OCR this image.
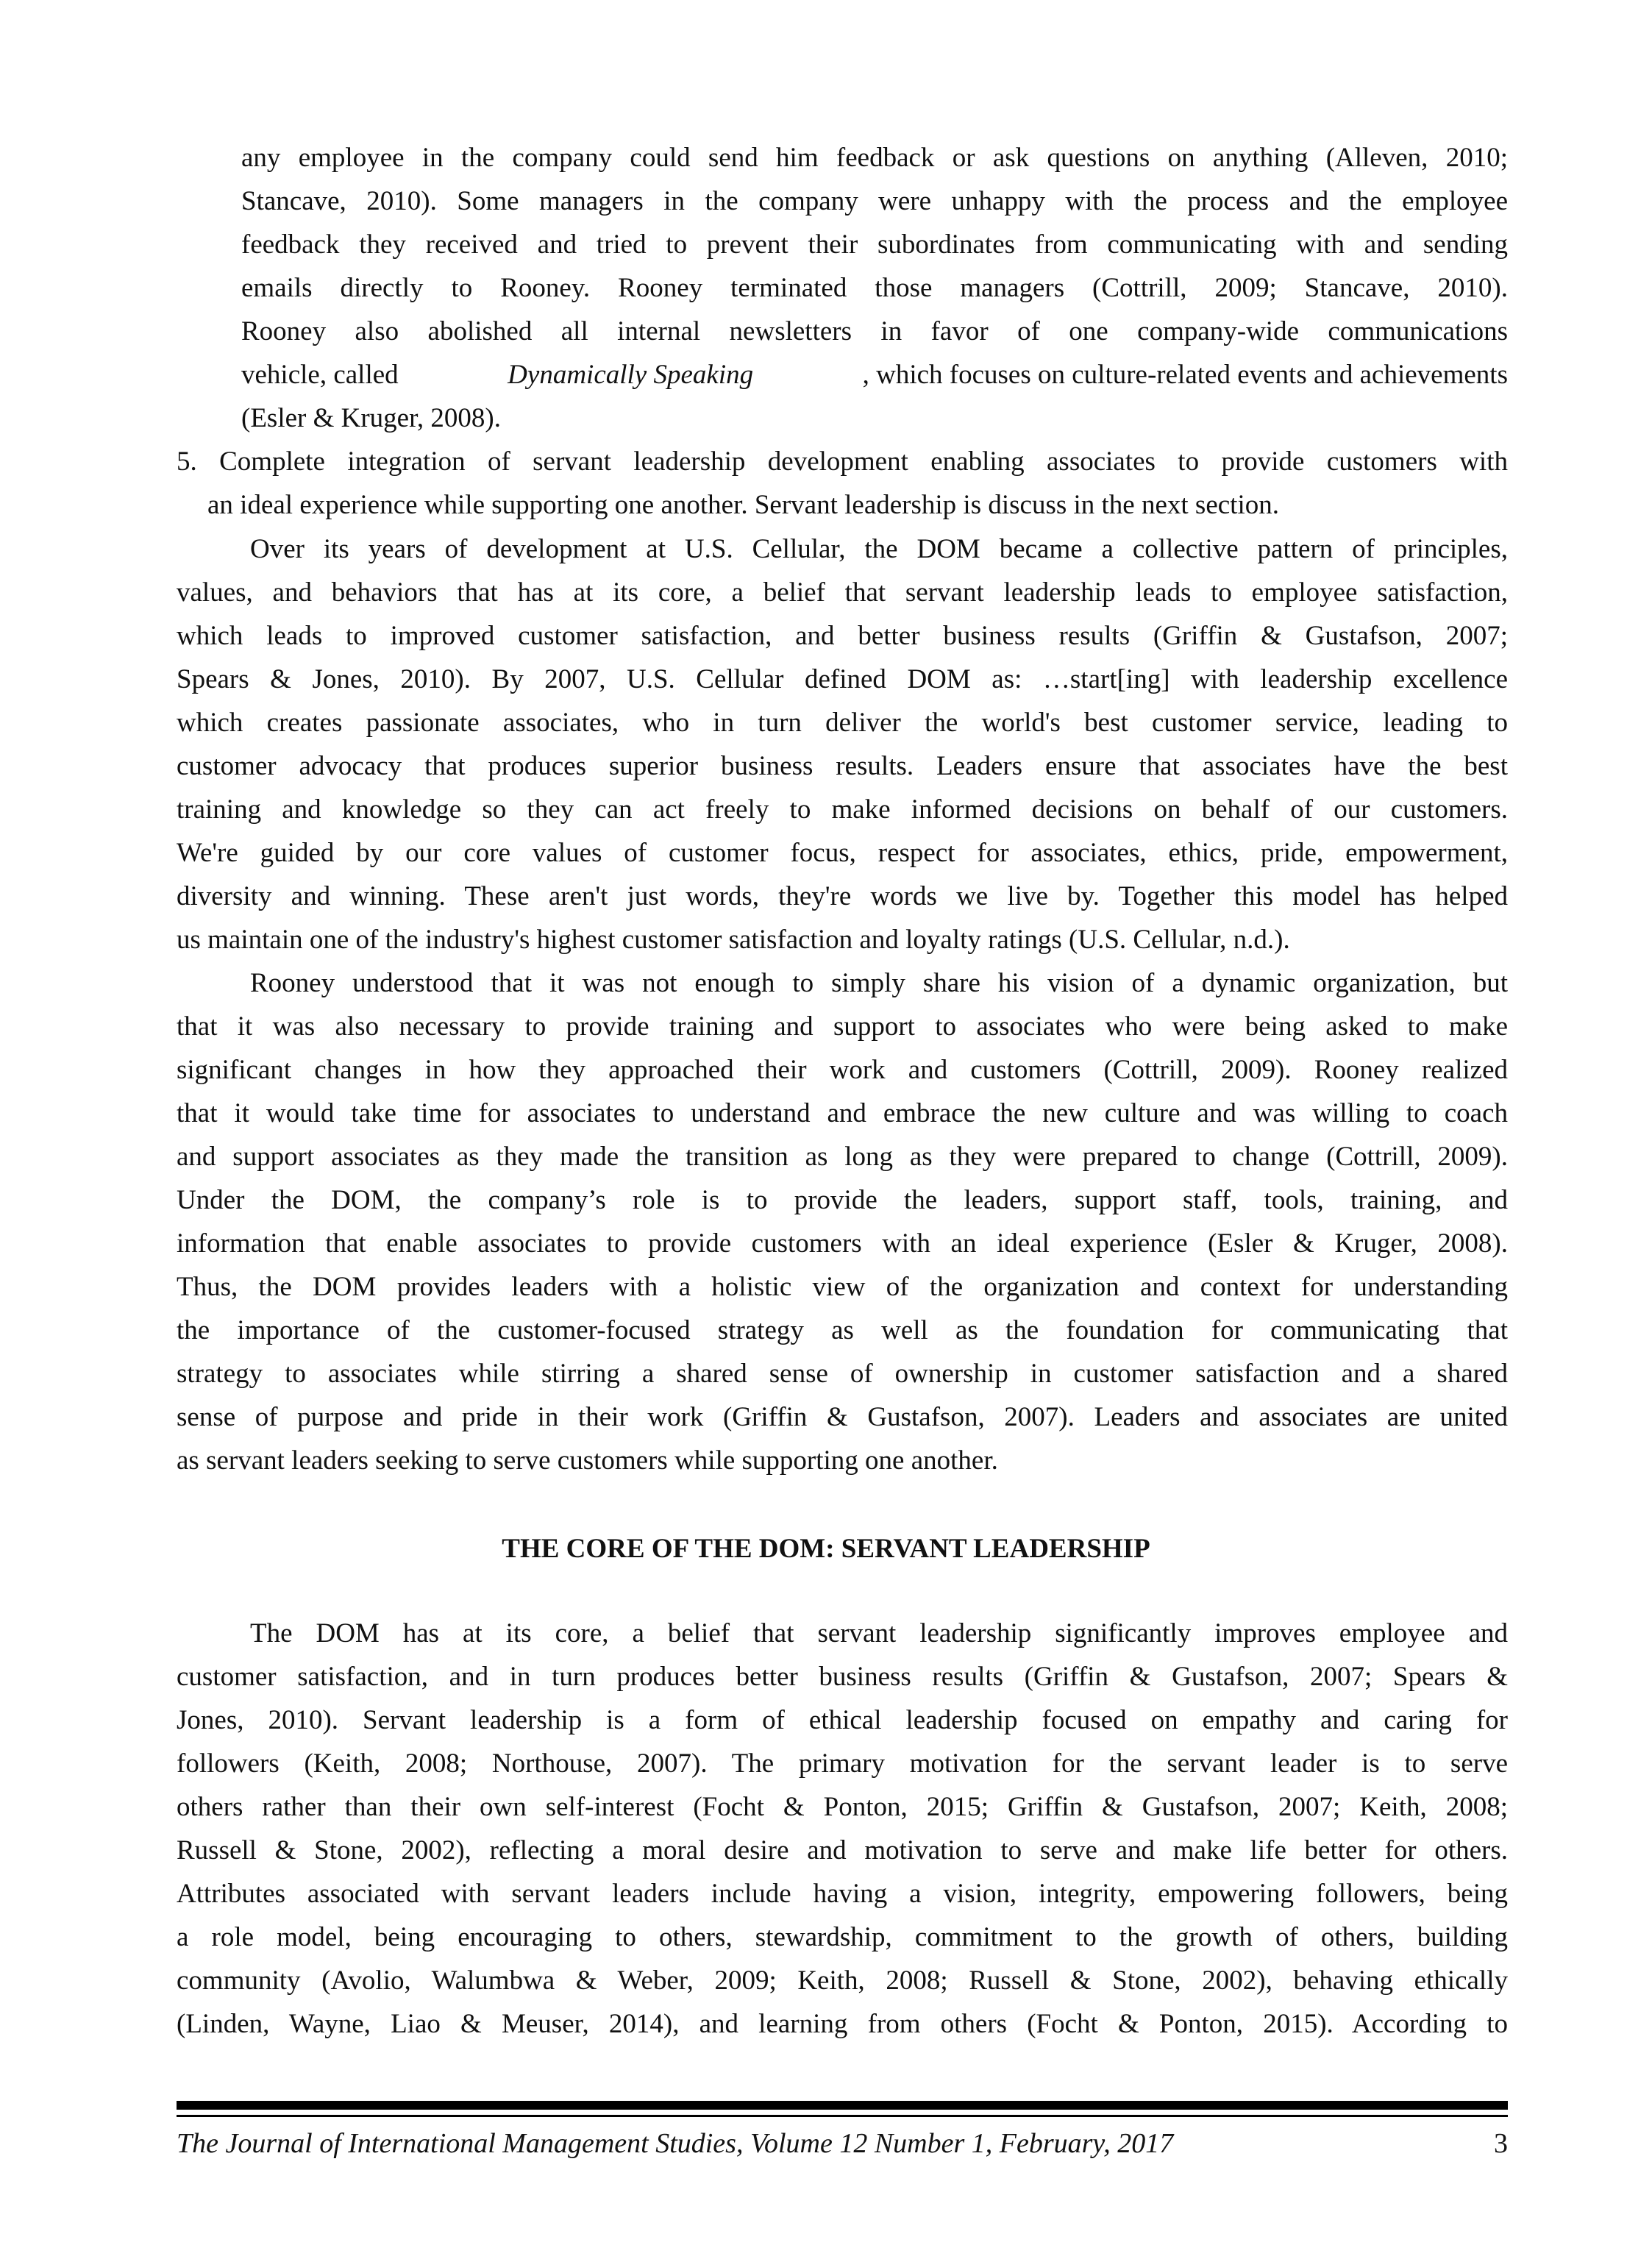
any employee in the company could send him feedback or ask questions on anything (Alleven, 2010;
Stancave, 2010). Some managers in the company were unhappy with the process and the employee
feedback they received and tried to prevent their subordinates from communicating with and sending
emails directly to Rooney. Rooney terminated those managers (Cottrill, 2009; Stancave, 2010).
Rooney also abolished all internal newsletters in favor of one company-wide communications
vehicle, called	Dynamically Speaking	, which focuses on culture-related events and achievements
(Esler & Kruger, 2008).
5. Complete integration of servant leadership development enabling associates to provide customers with
an ideal experience while supporting one another. Servant leadership is discuss in the next section.
Over its years of development at U.S. Cellular, the DOM became a collective pattern of principles,
values, and behaviors that has at its core, a belief that servant leadership leads to employee satisfaction,
which leads to improved customer satisfaction, and better business results (Griffin & Gustafson, 2007;
Spears & Jones, 2010). By 2007, U.S. Cellular defined DOM as: …start[ing] with leadership excellence
which creates passionate associates, who in turn deliver the world's best customer service, leading to
customer advocacy that produces superior business results. Leaders ensure that associates have the best
training and knowledge so they can act freely to make informed decisions on behalf of our customers.
We're guided by our core values of customer focus, respect for associates, ethics, pride, empowerment,
diversity and winning. These aren't just words, they're words we live by. Together this model has helped
us maintain one of the industry's highest customer satisfaction and loyalty ratings (U.S. Cellular, n.d.).
Rooney understood that it was not enough to simply share his vision of a dynamic organization, but
that it was also necessary to provide training and support to associates who were being asked to make
significant changes in how they approached their work and customers (Cottrill, 2009). Rooney realized
that it would take time for associates to understand and embrace the new culture and was willing to coach
and support associates as they made the transition as long as they were prepared to change (Cottrill, 2009).
Under the DOM, the company’s role is to provide the leaders, support staff, tools, training, and
information that enable associates to provide customers with an ideal experience (Esler & Kruger, 2008).
Thus, the DOM provides leaders with a holistic view of the organization and context for understanding
the importance of the customer-focused strategy as well as the foundation for communicating that
strategy to associates while stirring a shared sense of ownership in customer satisfaction and a shared
sense of purpose and pride in their work (Griffin & Gustafson, 2007). Leaders and associates are united
as servant leaders seeking to serve customers while supporting one another.
THE CORE OF THE DOM: SERVANT LEADERSHIP
The DOM has at its core, a belief that servant leadership significantly improves employee and
customer satisfaction, and in turn produces better business results (Griffin & Gustafson, 2007; Spears &
Jones, 2010). Servant leadership is a form of ethical leadership focused on empathy and caring for
followers (Keith, 2008; Northouse, 2007). The primary motivation for the servant leader is to serve
others rather than their own self-interest (Focht & Ponton, 2015; Griffin & Gustafson, 2007; Keith, 2008;
Russell & Stone, 2002), reflecting a moral desire and motivation to serve and make life better for others.
Attributes associated with servant leaders include having a vision, integrity, empowering followers, being
a role model, being encouraging to others, stewardship, commitment to the growth of others, building
community (Avolio, Walumbwa & Weber, 2009; Keith, 2008; Russell & Stone, 2002), behaving ethically
(Linden, Wayne, Liao & Meuser, 2014), and learning from others (Focht & Ponton, 2015). According to
The Journal of International Management Studies, Volume 12 Number 1, February, 2017	3
